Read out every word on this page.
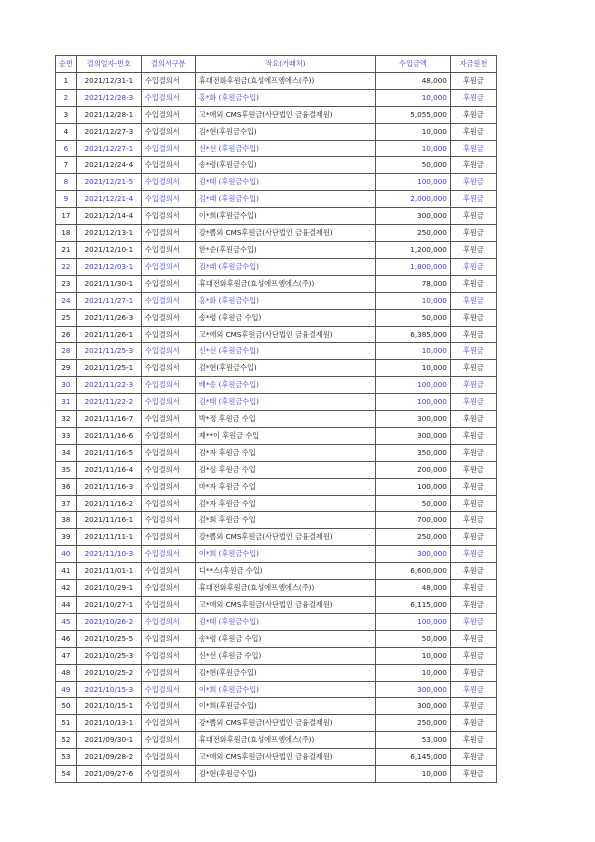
순번	결의일자-번호	결의서구분	적요(거래처)	수입금액	자금원천
1	2021/12/31-1	수입결의서	휴대전화후원금(효성에프엠에스(주))	48,000	후원금
2	2021/12/28-3	수입결의서	홍*화 (후원금수입)	10,000	후원금
3	2021/12/28-1	수입결의서	고*애외 CMS후원금(사단법인 금융결제원)	5,055,000	후원금
4	2021/12/27-3	수입결의서	김*현(후원금수입)	10,000	후원금
6	2021/12/27-1	수입결의서	신*선 (후원금수입)	10,000	후원금
7	2021/12/24-4	수입결의서	송*령(후원금수입)	50,000	후원금
8	2021/12/21-5	수입결의서	김*태 (후원금수입)	100,000	후원금
9	2021/12/21-4	수입결의서	김*래 (후원금수입)	2,000,000	후원금
17	2021/12/14-4	수입결의서	이*희(후원금수입)	300,000	후원금
18	2021/12/13-1	수입결의서	강*쁨외 CMS후원금(사단법인 금융결제원)	250,000	후원금
21	2021/12/10-1	수입결의서	한*순(후원금수입)	1,200,000	후원금
22	2021/12/03-1	수입결의서	김*래 (후원금수입)	1,800,000	후원금
23	2021/11/30-1	수입결의서	휴대전화후원금(효성에프엠에스(주))	78,000	후원금
24	2021/11/27-1	수입결의서	홍*화 (후원금수입)	10,000	후원금
25	2021/11/26-3	수입결의서	송*령 (후원금 수입)	50,000	후원금
26	2021/11/26-1	수입결의서	고*애외 CMS후원금(사단법인 금융결제원)	6,385,000	후원금
28	2021/11/25-3	수입결의서	신*선 (후원금수입)	10,000	후원금
29	2021/11/25-1	수입결의서	김*현(후원금수입)	10,000	후원금
30	2021/11/22-3	수입결의서	배*송 (후원금수입)	100,000	후원금
31	2021/11/22-2	수입결의서	김*태 (후원금수입)	100,000	후원금
32	2021/11/16-7	수입결의서	박*정 후원금 수입	300,000	후원금
33	2021/11/16-6	수입결의서	제**이 후원금 수입	300,000	후원금
34	2021/11/16-5	수입결의서	김*자 후원금 수입	350,000	후원금
35	2021/11/16-4	수입결의서	김*심 후원금 수입	200,000	후원금
36	2021/11/16-3	수입결의서	마*자 후원금 수입	100,000	후원금
37	2021/11/16-2	수입결의서	김*자 후원금 수입	50,000	후원금
38	2021/11/16-1	수입결의서	김*회 후원금 수입	700,000	후원금
39	2021/11/11-1	수입결의서	강*쁨외 CMS후원금(사단법인 금융결제원)	250,000	후원금
40	2021/11/10-3	수입결의서	이*희 (후원금수입)	300,000	후원금
41	2021/11/01-1	수입결의서	디**스(후원금 수입)	6,600,000	후원금
42	2021/10/29-1	수입결의서	휴대전화후원금(효성에프엠에스(주))	48,000	후원금
44	2021/10/27-1	수입결의서	고*애외 CMS후원금(사단법인 금융결제원)	6,115,000	후원금
45	2021/10/26-2	수입결의서	김*태 (후원금수입)	100,000	후원금
46	2021/10/25-5	수입결의서	송*령 (후원금 수입)	50,000	후원금
47	2021/10/25-3	수입결의서	신*선 (후원금 수입)	10,000	후원금
48	2021/10/25-2	수입결의서	김*현(후원금수입)	10,000	후원금
49	2021/10/15-3	수입결의서	이*희 (후원금수입)	300,000	후원금
50	2021/10/15-1	수입결의서	이*희(후원금수입)	300,000	후원금
51	2021/10/13-1	수입결의서	강*쁨외 CMS후원금(사단법인 금융결제원)	250,000	후원금
52	2021/09/30-1	수입결의서	휴대전화후원금(효성에프엠에스(주))	53,000	후원금
53	2021/09/28-2	수입결의서	고*애외 CMS후원금(사단법인 금융결제원)	6,145,000	후원금
54	2021/09/27-6	수입결의서	김*현(후원금수입)	10,000	후원금
